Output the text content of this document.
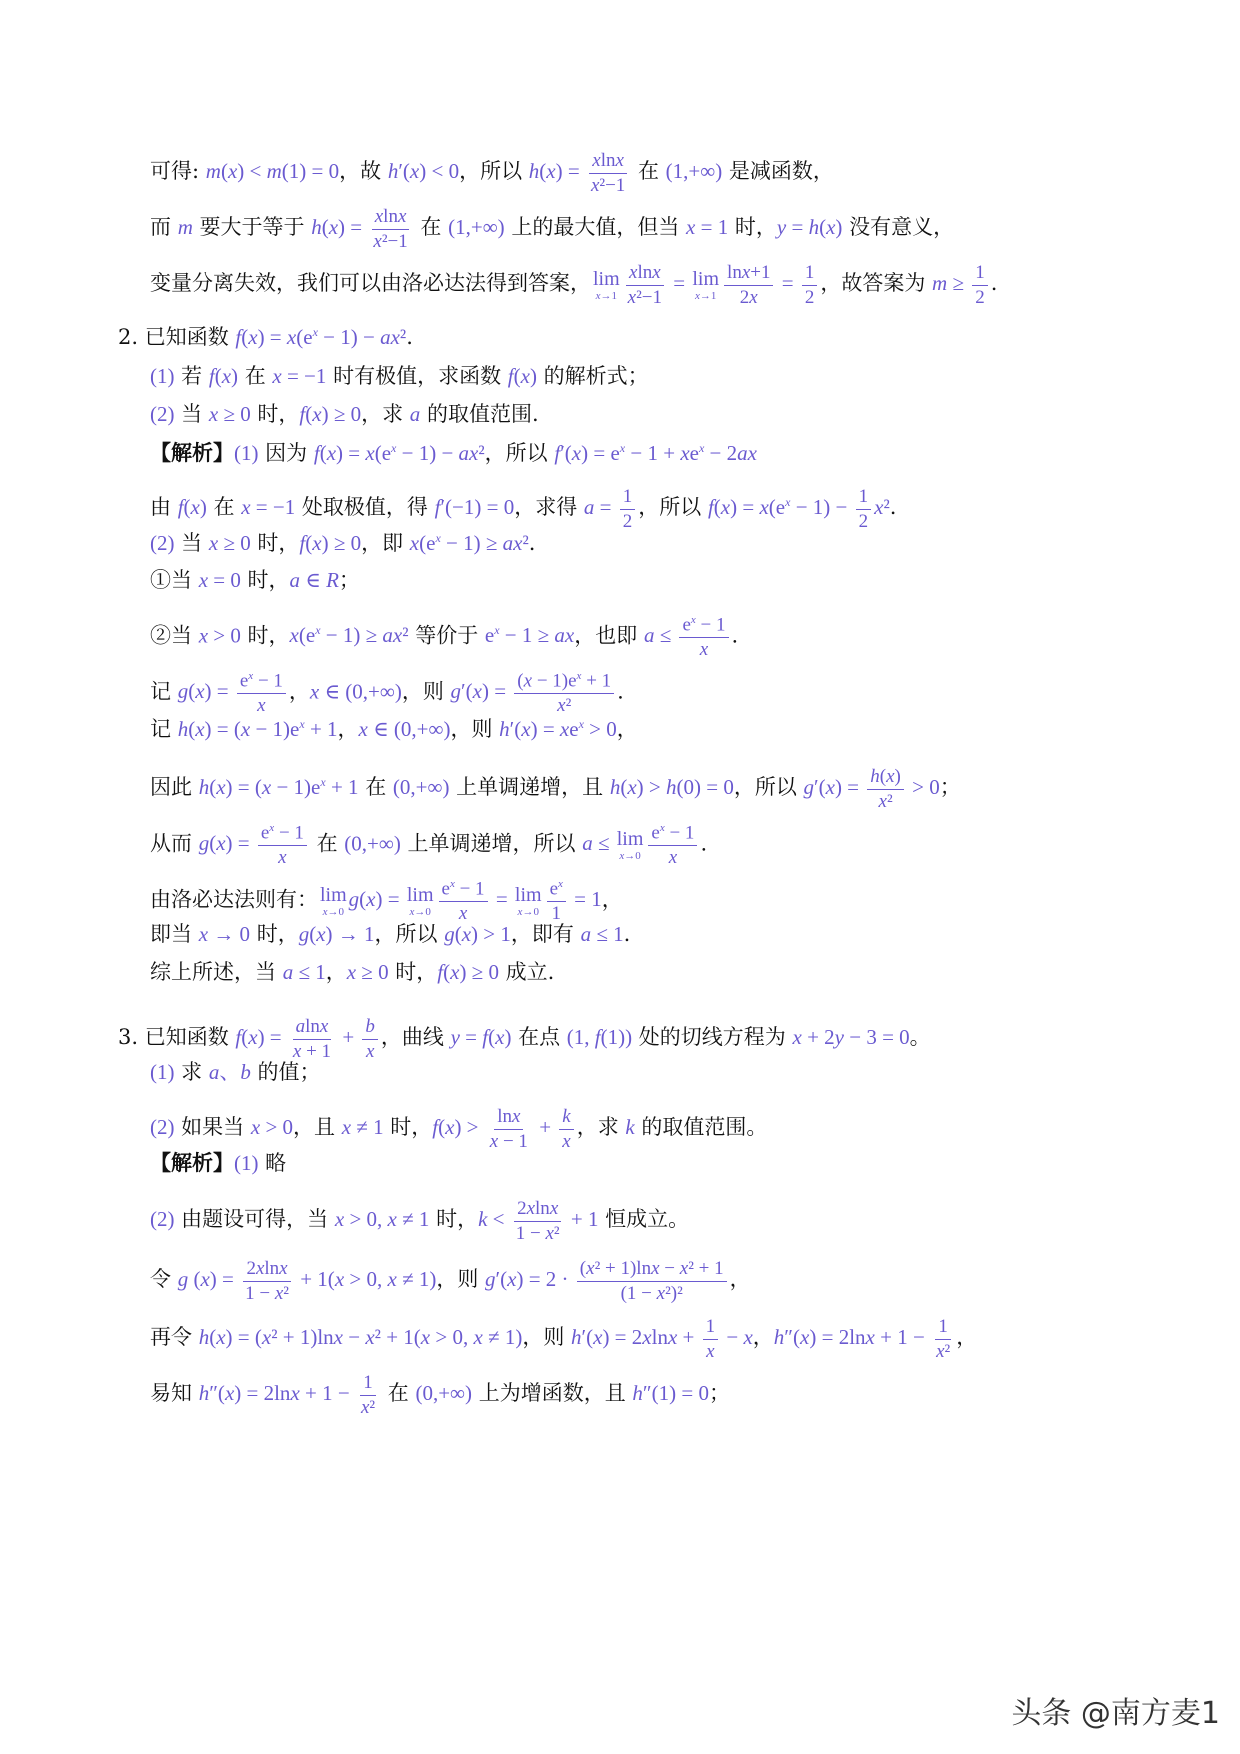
可得: m(x) < m(1) = 0，故 h′(x) < 0，所以 $h(x) = \frac{xlnx}{\text{x²−1}}$ 在 (1,+∞) 是减函数，
而 m 要大于等于 $h(x) = \frac{xlnx}{\text{x²−1}}$ 在 (1,+∞) 上的最大值，但当 x = 1 时，y = h(x) 没有意义，
变量分离失效，我们可以由洛必达法得到答案， lim
$x\to 1 \frac{xlnx}{\text{x²−1}} = \lim$
$x\to 1 \frac{\ln x+1}{2x} = \frac{1}{2}$ ，故答案为 $m \ge \frac{1}{2}$ .
2. 已知函数 $f(x) = x(e^x - 1) - ax^2$.
(1) 若 f(x) 在 x = −1 时有极值，求函数 f(x) 的解析式；
(2) 当 x ≥ 0 时，f(x) ≥ 0，求 a 的取值范围.
【解析】(1) 因为 $f(x) = x(e^x - 1) - ax^2$，所以 $f'(x) = e^x - 1 + xe^x - 2ax$
由 f(x) 在 x = −1 处取极值，得 f′(−1) = 0，求得 $a = \frac{1}{2}$ ，所以 $f(x) = x(e^x - 1) - \frac{1}{2} x^2$.
(2) 当 x ≥ 0 时，f(x) ≥ 0，即 $x(e^x - 1) \ge ax^2$.
①当 x = 0 时，a ∈ R；
②当 x > 0 时，$x(e^x - 1) \ge ax^2$ 等价于 $e^x - 1$ ≥ ax，也即 $a \le \frac{e^x - 1}{x}$ .
记 $g(x) = \frac{e^x - 1}{x}$ ，x ∈ (0,+∞)，则 $g'(x) = \frac{(x - 1)e^x + 1}{\text{x²}}$ .
记 $h(x) = (x - 1)e^x + 1$，x ∈ (0,+∞)，则 $h'(x) = xe^x > 0$，
因此 $h(x) = (x - 1)e^x + 1$ 在 (0,+∞) 上单调递增，且 h(x) > h(0) = 0，所以 $g'(x) = \frac{h(x)}{\text{x²}} > 0$；
从而 $g(x) = \frac{e^x - 1}{x}$ 在 (0,+∞) 上单调递增，所以 a ≤ lim
$x\to 0 \frac{e^x - 1}{x}$ .
由洛必达法则有： lim
x→0
g(x) = lim
$x\to 0 \frac{e^x - 1}{x} = \lim$
$x\to 0 \frac{e^x}{1} = 1$，
即当 x → 0 时，g(x) → 1，所以 g(x) > 1，即有 a ≤ 1.
综上所述，当 a ≤ 1，x ≥ 0 时，f(x) ≥ 0 成立.
3. 已知函数 $f(x) = \frac{alnx}{x + 1} + \frac{b}{x}$ ，曲线 y = f(x) 在点 (1, f(1)) 处的切线方程为 x + 2y − 3 = 0。
(1) 求 a、b 的值；
(2) 如果当 x > 0，且 x ≠ 1 时，$f(x) > \frac{\ln x}{x - 1} + \frac{k}{x}$ ，求 k 的取值范围。
【解析】(1) 略
(2) 由题设可得，当 x > 0, x ≠ 1 时，$k < \frac{2xlnx}{\text{1 − x²}} + 1$ 恒成立。
令 g $(x) = \frac{2xlnx}{\text{1 − x²}} + 1(x > 0$, x ≠ 1)，则 $g'(x) = 2 \cdot \frac{\text{(x² + 1)lnx − x² + 1}}{\text{(1 − x²)²}}$ ，
再令 h(x) = (x² + 1)lnx − x² + 1(x > 0, x ≠ 1)，则 $h'(x) = 2xlnx + \frac{1}{x} - x$，$h''(x) = 2\ln x + 1 - \frac{1}{\text{x²}}$ ，
易知 $h''(x) = 2\ln x + 1 - \frac{1}{\text{x²}}$ 在 (0,+∞) 上为增函数，且 h″(1) = 0；
头条 @南方麦1
